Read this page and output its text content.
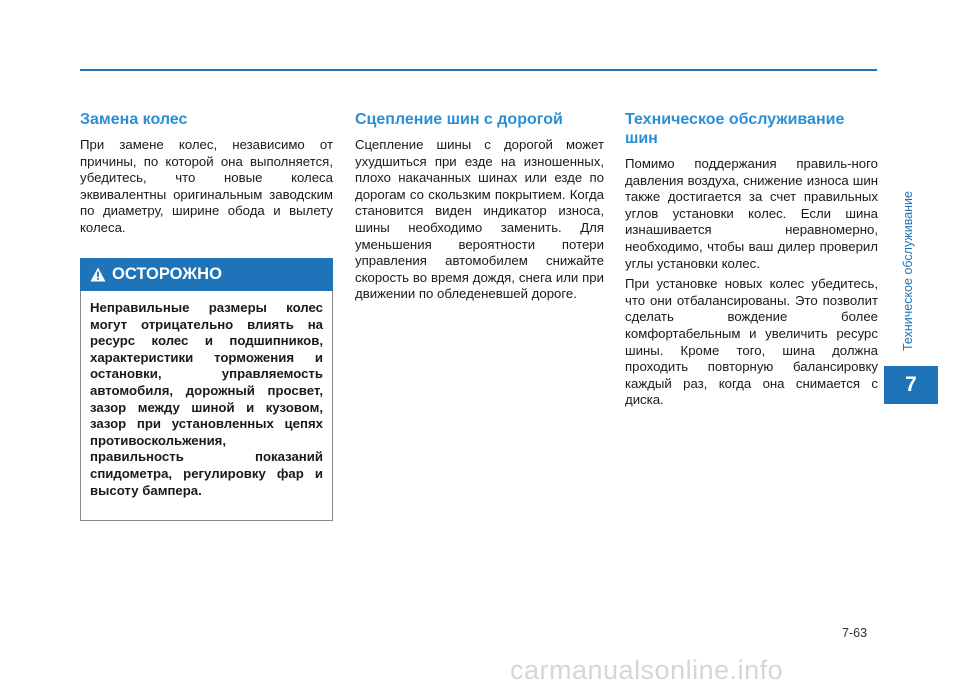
Замена колес

При замене колес, независимо от причины, по которой она выполняется, убедитесь, что новые колеса эквивалентны оригинальным заводским по диаметру, ширине обода и вылету колеса.

ОСТОРОЖНО

Неправильные размеры колес могут отрицательно влиять на ресурс колес и подшипников, характеристики торможения и остановки, управляемость автомобиля, дорожный просвет, зазор между шиной и кузовом, зазор при установленных цепях противоскольжения, правильность показаний спидометра, регулировку фар и высоту бампера.

Сцепление шин с дорогой

Сцепление шины с дорогой может ухудшиться при езде на изношенных, плохо накачанных шинах или езде по дорогам со скользким покрытием. Когда становится виден индикатор износа, шины необходимо заменить. Для уменьшения вероятности потери управления автомобилем снижайте скорость во время дождя, снега или при движении по обледеневшей дороге.

Техническое обслуживание шин

Помимо поддержания правиль-ного давления воздуха, снижение износа шин также достигается за счет правильных углов установки колес. Если шина изнашивается неравномерно, необходимо, чтобы ваш дилер проверил углы установки колес.

При установке новых колес убедитесь, что они отбалансированы. Это позволит сделать вождение более комфортабельным и увеличить ресурс шины. Кроме того, шина должна проходить повторную балансировку каждый раз, когда она снимается с диска.

Техническое обслуживание
7
7-63
carmanualsonline.info
